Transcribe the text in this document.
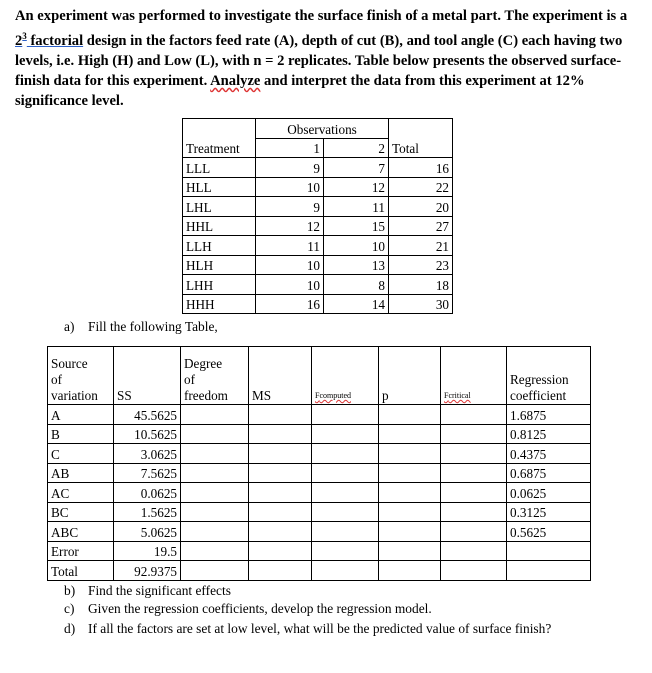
An experiment was performed to investigate the surface finish of a metal part. The experiment is a $2^3$ factorial design in the factors feed rate (A), depth of cut (B), and tool angle (C) each having two levels, i.e. High (H) and Low (L), with n = 2 replicates. Table below presents the observed surface-finish data for this experiment. Analyze and interpret the data from this experiment at 12% significance level.
	Observations		
Treatment	1	2	Total
LLL	9	7	16
HLL	10	12	22
LHL	9	11	20
HHL	12	15	27
LLH	11	10	21
HLH	10	13	23
LHH	10	8	18
HHH	16	14	30
a) Fill the following Table,
Source
of
variation	SS	Degree
of
freedom	MS	Fcomputed	p	Fcritical	Regression
coefficient
A	45.5625						1.6875
B	10.5625						0.8125
C	3.0625						0.4375
AB	7.5625						0.6875
AC	0.0625						0.0625
BC	1.5625						0.3125
ABC	5.0625						0.5625
Error	19.5						
Total	92.9375						
b) Find the significant effects
c) Given the regression coefficients, develop the regression model.
d) If all the factors are set at low level, what will be the predicted value of surface finish?
